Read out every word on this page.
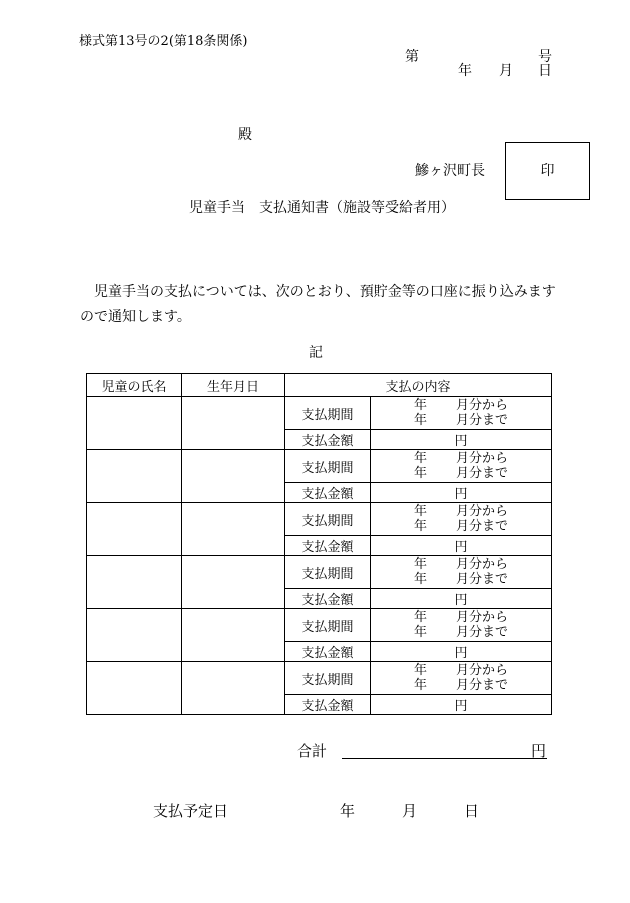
様式第13号の2(第18条関係)
第	号
年 月 日
殿
鰺ヶ沢町長	印
児童手当　支払通知書（施設等受給者用）
児童手当の支払については、次のとおり、預貯金等の口座に振り込みますので通知します。
記
児童の氏名	生年月日	支払の内容	
		支払期間	年 月分から
年 月分まで

		支払金額	円
		支払期間	年 月分から
年 月分まで

		支払金額	円
		支払期間	年 月分から
年 月分まで

		支払金額	円
		支払期間	年 月分から
年 月分まで

		支払金額	円
		支払期間	年 月分から
年 月分まで

		支払金額	円
		支払期間	年 月分から
年 月分まで

		支払金額	円
合計	円
支払予定日	年	月	日
